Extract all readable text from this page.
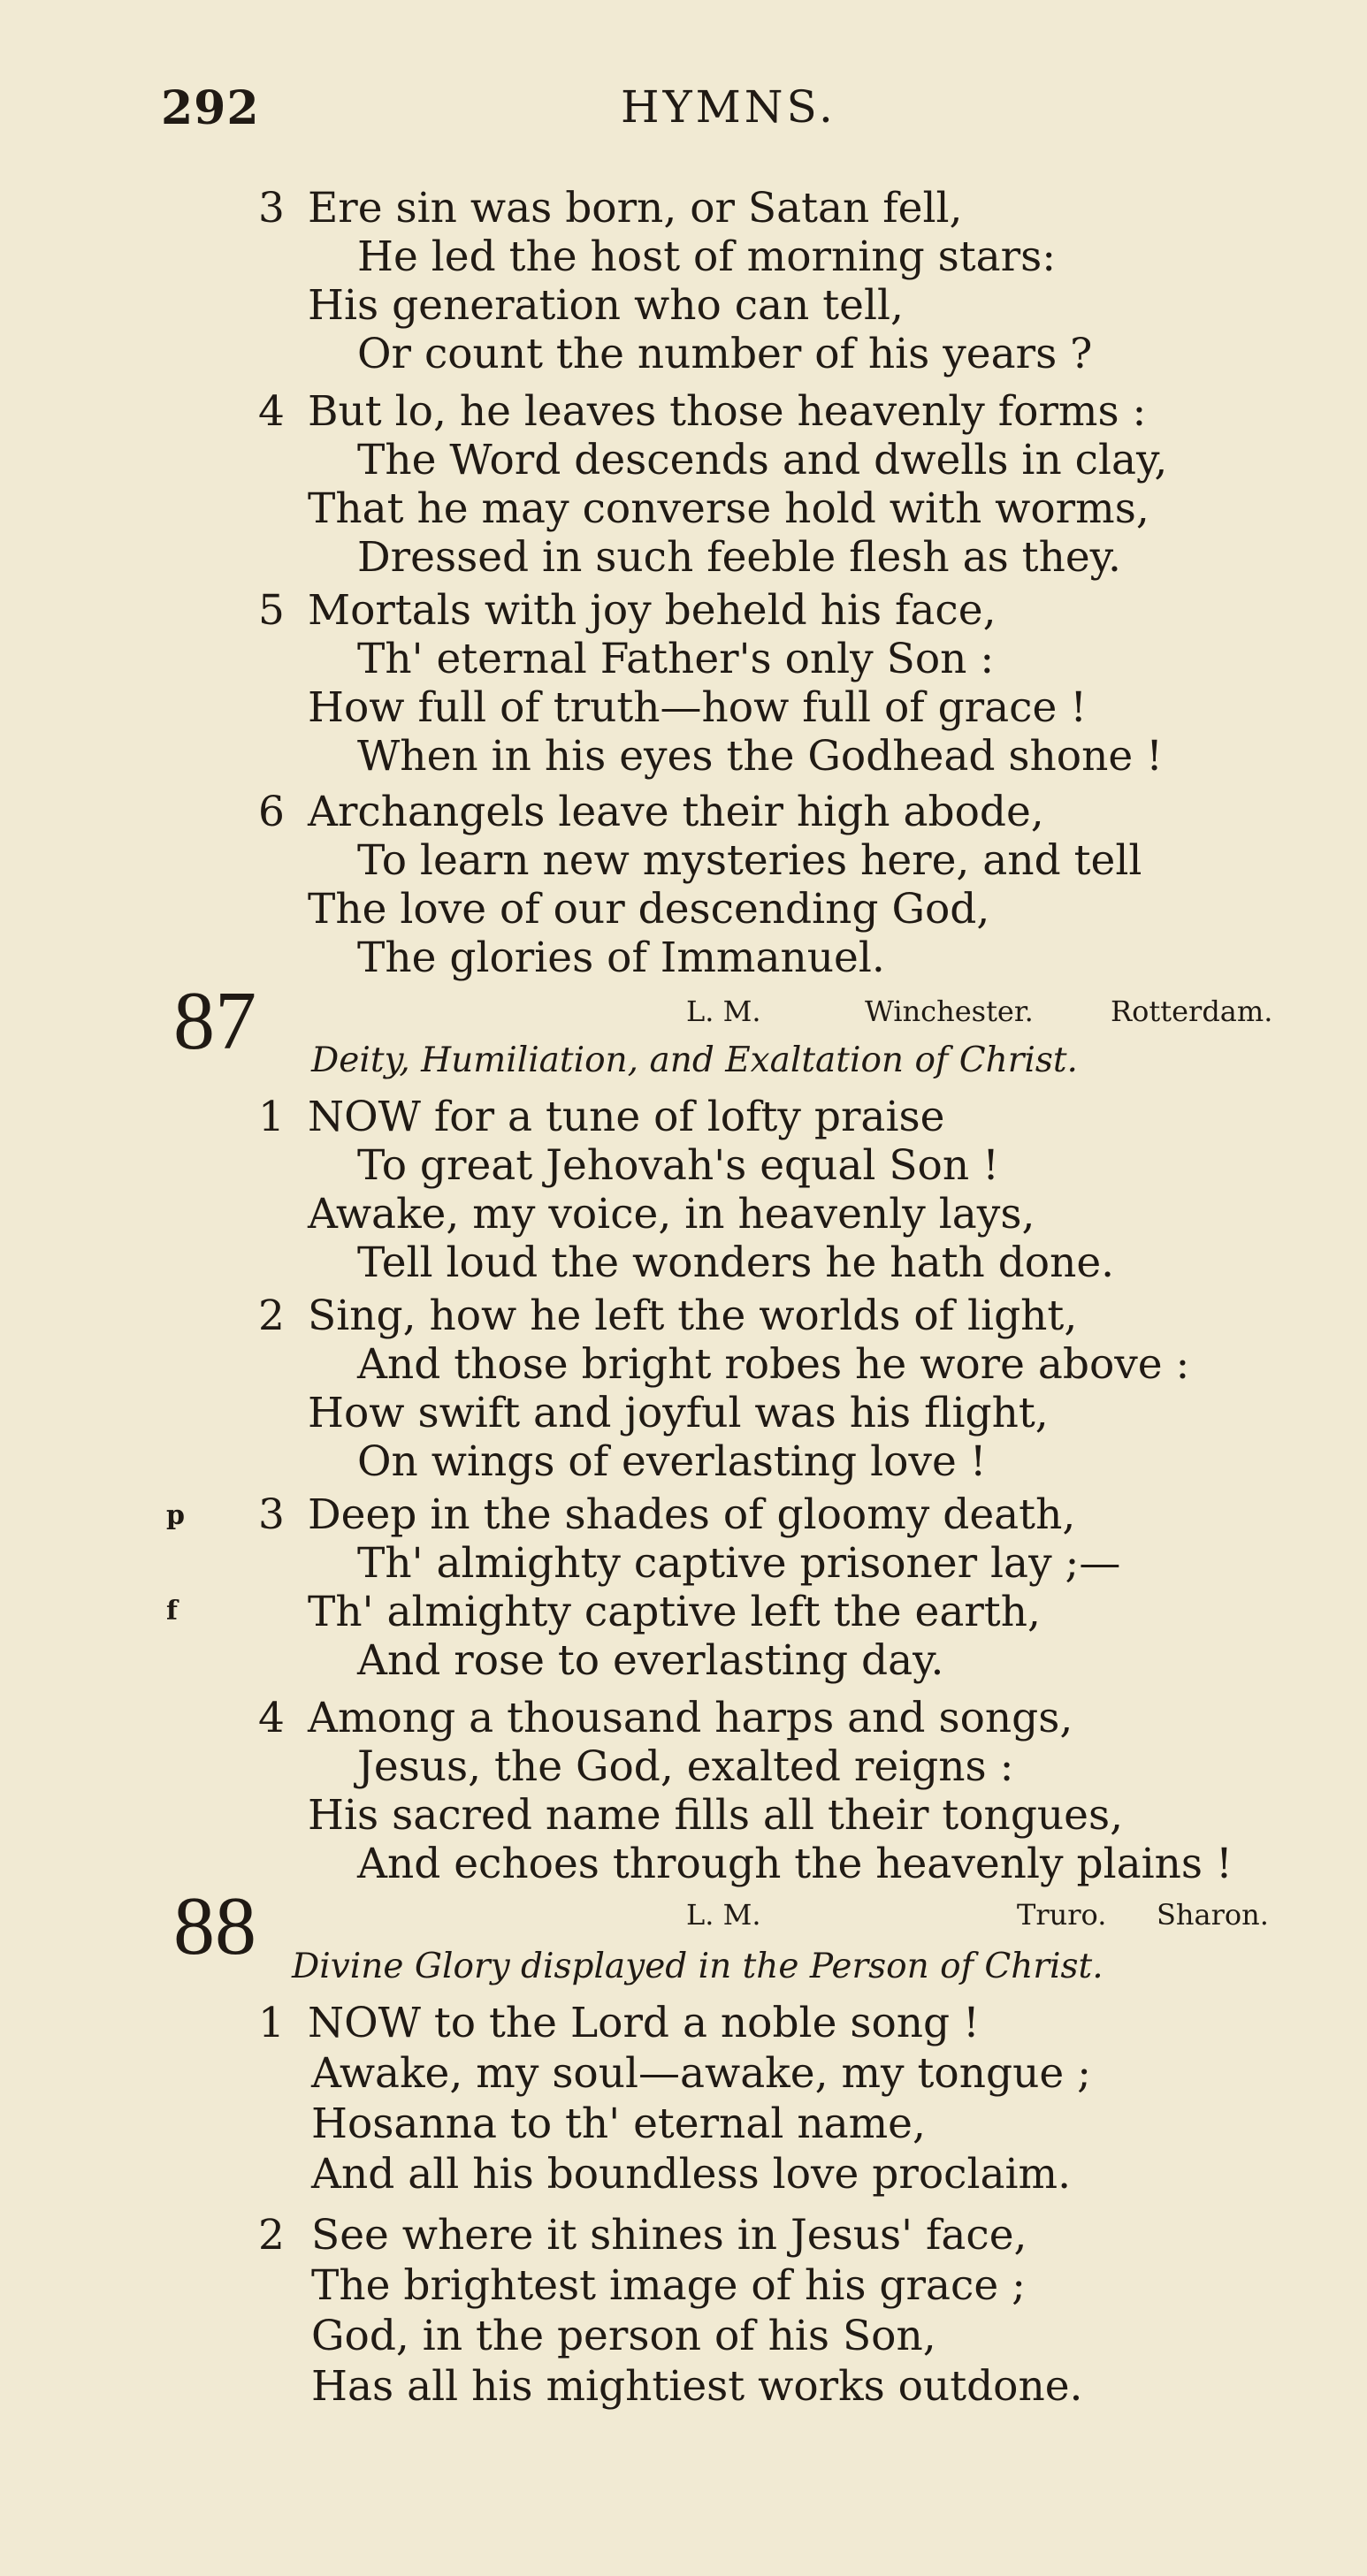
292	HYMNS.
3 Ere sin was born, or Satan fell,
He led the host of morning stars:
His generation who can tell,
Or count the number of his years ?
4 But lo, he leaves those heavenly forms :
The Word descends and dwells in clay,
That he may converse hold with worms,
Dressed in such feeble flesh as they.
5 Mortals with joy beheld his face,
Th' eternal Father's only Son :
How full of truth—how full of grace !
When in his eyes the Godhead shone !
6 Archangels leave their high abode,
To learn new mysteries here, and tell
The love of our descending God,
The glories of Immanuel.
87	L. M.	Winchester.	Rotterdam.
Deity, Humiliation, and Exaltation of Christ.
1 NOW for a tune of lofty praise
To great Jehovah's equal Son !
Awake, my voice, in heavenly lays,
Tell loud the wonders he hath done.
2 Sing, how he left the worlds of light,
And those bright robes he wore above :
How swift and joyful was his flight,
On wings of everlasting love !
p 3 Deep in the shades of gloomy death,
Th' almighty captive prisoner lay ;—
f	Th' almighty captive left the earth,
And rose to everlasting day.
4 Among a thousand harps and songs,
Jesus, the God, exalted reigns :
His sacred name fills all their tongues,
And echoes through the heavenly plains !
88	L. M.	Truro. Sharon.
Divine Glory displayed in the Person of Christ.
1 NOW to the Lord a noble song !
Awake, my soul—awake, my tongue ;
Hosanna to th' eternal name,
And all his boundless love proclaim.
2 See where it shines in Jesus' face,
The brightest image of his grace ;
God, in the person of his Son,
Has all his mightiest works outdone.
